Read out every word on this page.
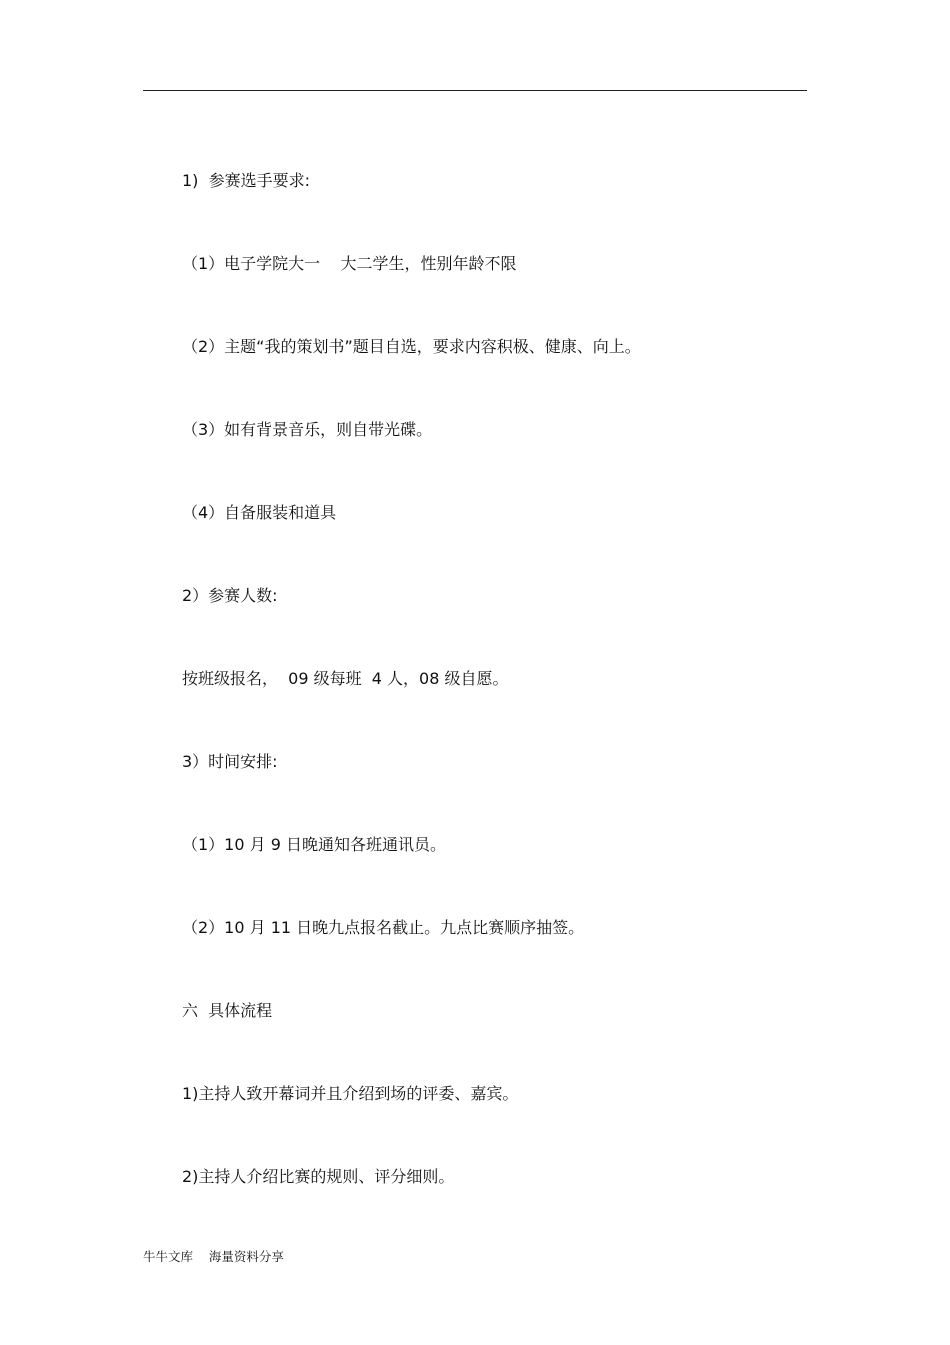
1)  参赛选手要求:

（1）电子学院大一    大二学生，性别年龄不限

（2）主题“我的策划书”题目自选，要求内容积极、健康、向上。

（3）如有背景音乐，则自带光碟。

（4）自备服装和道具

2）参赛人数:

按班级报名，  09 级每班  4 人，08 级自愿。

3）时间安排:

（1）10 月 9 日晚通知各班通讯员。

（2）10 月 11 日晚九点报名截止。九点比赛顺序抽签。

六  具体流程

1)主持人致开幕词并且介绍到场的评委、嘉宾。

2)主持人介绍比赛的规则、评分细则。

牛牛文库    海量资料分享
